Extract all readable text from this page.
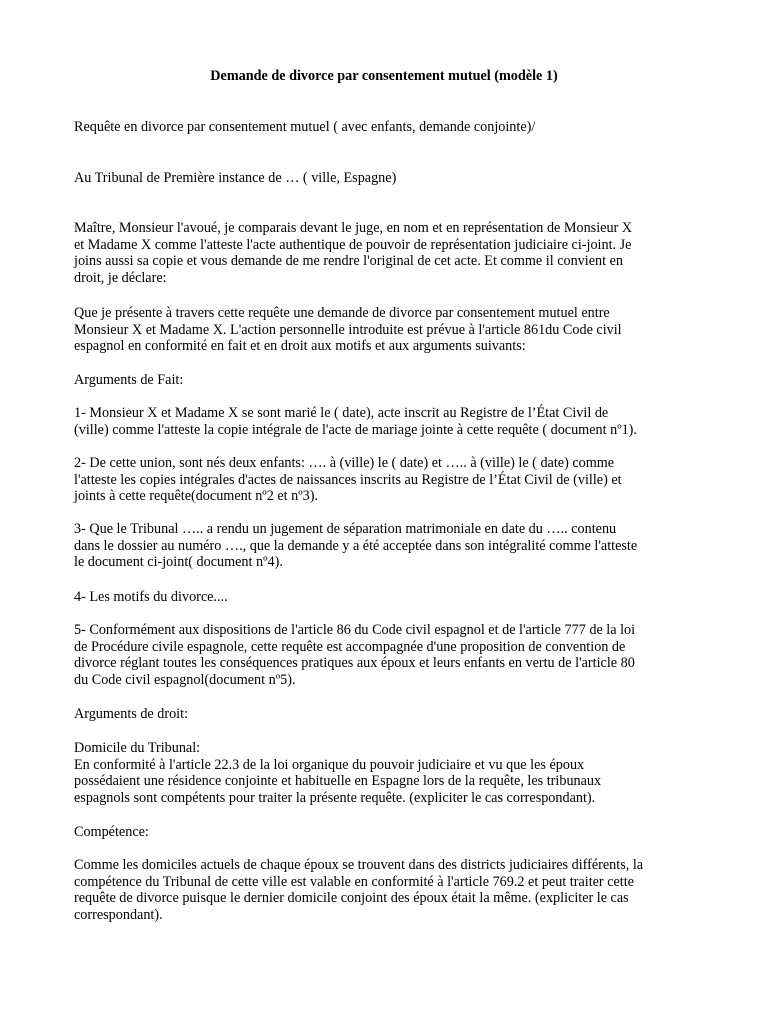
Demande de divorce par consentement mutuel (modèle 1)
Requête en divorce par consentement mutuel ( avec enfants, demande conjointe)/
Au Tribunal de Première instance de … ( ville, Espagne)
Maître, Monsieur l'avoué, je comparais devant le juge, en nom et en représentation de Monsieur X
et Madame X comme l'atteste l'acte authentique de pouvoir de représentation judiciaire ci-joint. Je
joins aussi sa copie et vous demande de me rendre l'original de cet acte. Et comme il convient en
droit, je déclare:
Que je présente à travers cette requête une demande de divorce par consentement mutuel entre
Monsieur X et Madame X. L'action personnelle introduite est prévue à l'article 861du Code civil
espagnol en conformité en fait et en droit aux motifs et aux arguments suivants:
Arguments de Fait:
1- Monsieur X et Madame X se sont marié le ( date), acte inscrit au Registre de l’État Civil de
(ville) comme l'atteste la copie intégrale de l'acte de mariage jointe à cette requête ( document nº1).
2- De cette union, sont nés deux enfants: …. à (ville) le ( date) et ….. à (ville) le ( date) comme
l'atteste les copies intégrales d'actes de naissances inscrits au Registre de l’État Civil de (ville) et
joints à cette requête(document nº2 et nº3).
3- Que le Tribunal ….. a rendu un jugement de séparation matrimoniale en date du ….. contenu
dans le dossier au numéro …., que la demande y a été acceptée dans son intégralité comme l'atteste
le document ci-joint( document nº4).
4- Les motifs du divorce....
5- Conformément aux dispositions de l'article 86 du Code civil espagnol et de l'article 777 de la loi
de Procédure civile espagnole, cette requête est accompagnée d'une proposition de convention de
divorce réglant toutes les conséquences pratiques aux époux et leurs enfants en vertu de l'article 80
du Code civil espagnol(document nº5).
Arguments de droit:
Domicile du Tribunal:
En conformité à l'article 22.3 de la loi organique du pouvoir judiciaire et vu que les époux
possédaient une résidence conjointe et habituelle en Espagne lors de la requête, les tribunaux
espagnols sont compétents pour traiter la présente requête. (expliciter le cas correspondant).
Compétence:
Comme les domiciles actuels de chaque époux se trouvent dans des districts judiciaires différents, la
compétence du Tribunal de cette ville est valable en conformité à l'article 769.2 et peut traiter cette
requête de divorce puisque le dernier domicile conjoint des époux était la même. (expliciter le cas
correspondant).
